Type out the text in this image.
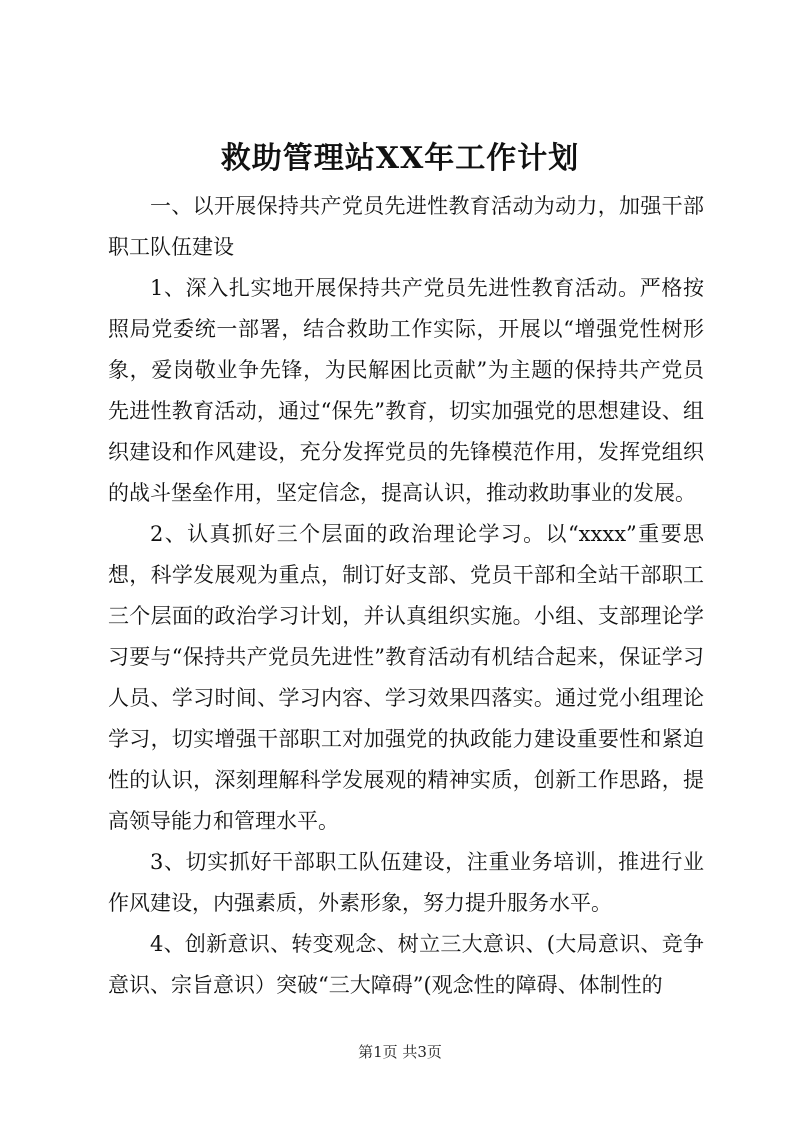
救助管理站XX年工作计划

一、以开展保持共产党员先进性教育活动为动力，加强干部职工队伍建设

1、深入扎实地开展保持共产党员先进性教育活动。严格按照局党委统一部署，结合救助工作实际，开展以“增强党性树形象，爱岗敬业争先锋，为民解困比贡献”为主题的保持共产党员先进性教育活动，通过“保先”教育，切实加强党的思想建设、组织建设和作风建设，充分发挥党员的先锋模范作用，发挥党组织的战斗堡垒作用，坚定信念，提高认识，推动救助事业的发展。

2、认真抓好三个层面的政治理论学习。以“xxxx”重要思想，科学发展观为重点，制订好支部、党员干部和全站干部职工三个层面的政治学习计划，并认真组织实施。小组、支部理论学习要与“保持共产党员先进性”教育活动有机结合起来，保证学习人员、学习时间、学习内容、学习效果四落实。通过党小组理论学习，切实增强干部职工对加强党的执政能力建设重要性和紧迫性的认识，深刻理解科学发展观的精神实质，创新工作思路，提高领导能力和管理水平。

3、切实抓好干部职工队伍建设，注重业务培训，推进行业作风建设，内强素质，外素形象，努力提升服务水平。

4、创新意识、转变观念、树立三大意识、(大局意识、竞争意识、宗旨意识）突破“三大障碍”(观念性的障碍、体制性的

第1页 共3页
